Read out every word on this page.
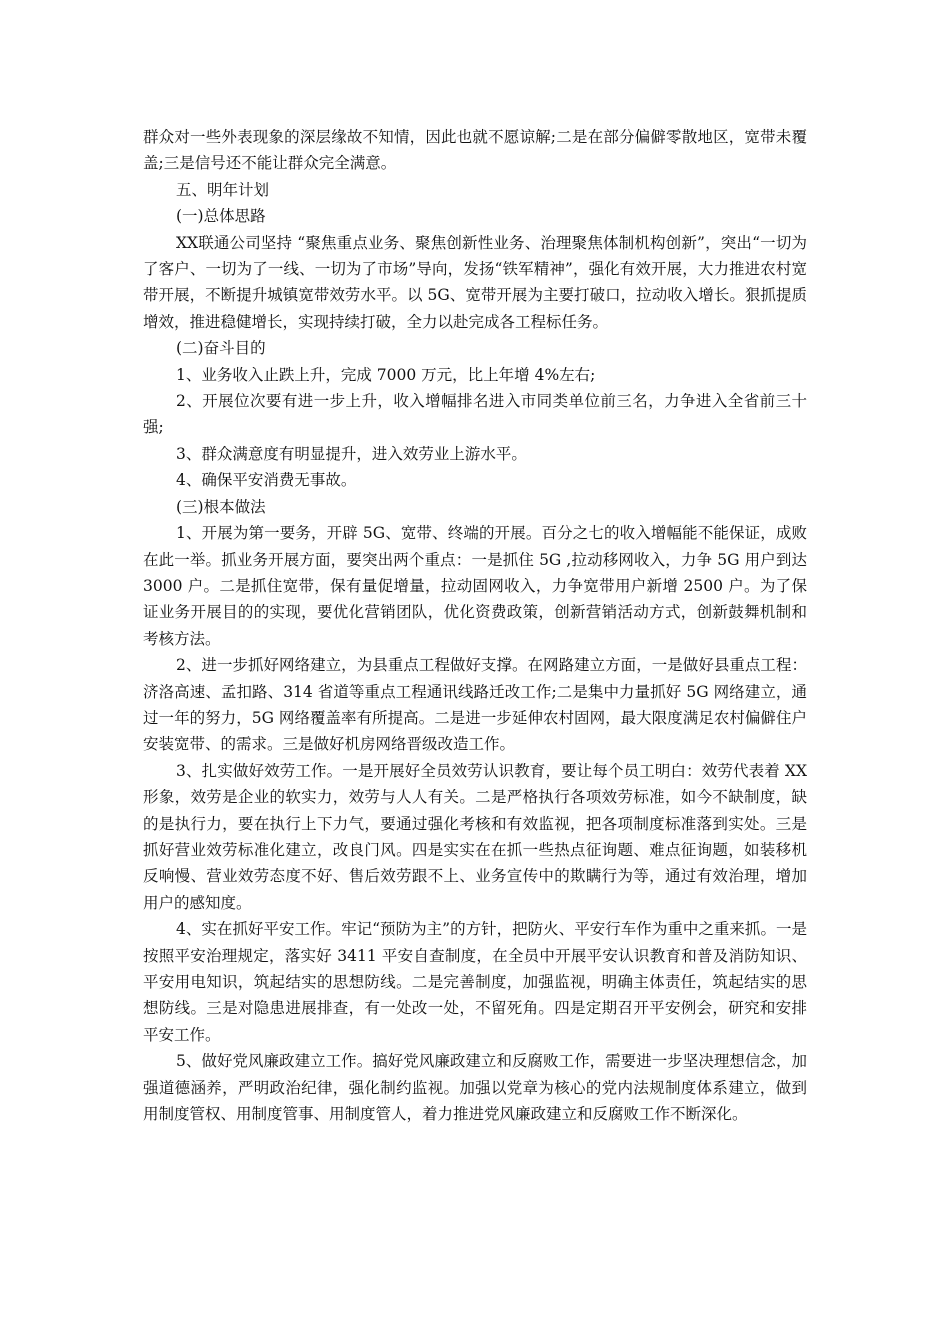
群众对一些外表现象的深层缘故不知情，因此也就不愿谅解;二是在部分偏僻零散地区，宽带未覆盖;三是信号还不能让群众完全满意。

五、明年计划

(一)总体思路

XX联通公司坚持 “聚焦重点业务、聚焦创新性业务、治理聚焦体制机构创新”，突出“一切为了客户、一切为了一线、一切为了市场”导向，发扬“铁军精神”，强化有效开展，大力推进农村宽带开展，不断提升城镇宽带效劳水平。以 5G、宽带开展为主要打破口，拉动收入增长。狠抓提质增效，推进稳健增长，实现持续打破，全力以赴完成各工程标任务。

(二)奋斗目的

1、业务收入止跌上升，完成 7000 万元，比上年增 4%左右;

2、开展位次要有进一步上升，收入增幅排名进入市同类单位前三名，力争进入全省前三十强;

3、群众满意度有明显提升，进入效劳业上游水平。

4、确保平安消费无事故。

(三)根本做法

1、开展为第一要务，开辟 5G、宽带、终端的开展。百分之七的收入增幅能不能保证，成败在此一举。抓业务开展方面，要突出两个重点：一是抓住 5G ,拉动移网收入，力争 5G 用户到达 3000 户。二是抓住宽带，保有量促增量，拉动固网收入，力争宽带用户新增 2500 户。为了保证业务开展目的的实现，要优化营销团队，优化资费政策，创新营销活动方式，创新鼓舞机制和考核方法。

2、进一步抓好网络建立，为县重点工程做好支撑。在网路建立方面，一是做好县重点工程：济洛高速、孟扣路、314 省道等重点工程通讯线路迁改工作;二是集中力量抓好 5G 网络建立，通过一年的努力，5G 网络覆盖率有所提高。二是进一步延伸农村固网，最大限度满足农村偏僻住户安装宽带、的需求。三是做好机房网络晋级改造工作。

3、扎实做好效劳工作。一是开展好全员效劳认识教育，要让每个员工明白：效劳代表着 XX 形象，效劳是企业的软实力，效劳与人人有关。二是严格执行各项效劳标准，如今不缺制度，缺的是执行力，要在执行上下力气，要通过强化考核和有效监视，把各项制度标准落到实处。三是抓好营业效劳标准化建立，改良门风。四是实实在在抓一些热点征询题、难点征询题，如装移机反响慢、营业效劳态度不好、售后效劳跟不上、业务宣传中的欺瞒行为等，通过有效治理，增加用户的感知度。

4、实在抓好平安工作。牢记“预防为主”的方针，把防火、平安行车作为重中之重来抓。一是按照平安治理规定，落实好 3411 平安自查制度，在全员中开展平安认识教育和普及消防知识、平安用电知识，筑起结实的思想防线。二是完善制度，加强监视，明确主体责任，筑起结实的思想防线。三是对隐患进展排查，有一处改一处，不留死角。四是定期召开平安例会，研究和安排平安工作。

5、做好党风廉政建立工作。搞好党风廉政建立和反腐败工作，需要进一步坚决理想信念，加强道德涵养，严明政治纪律，强化制约监视。加强以党章为核心的党内法规制度体系建立，做到用制度管权、用制度管事、用制度管人，着力推进党风廉政建立和反腐败工作不断深化。
